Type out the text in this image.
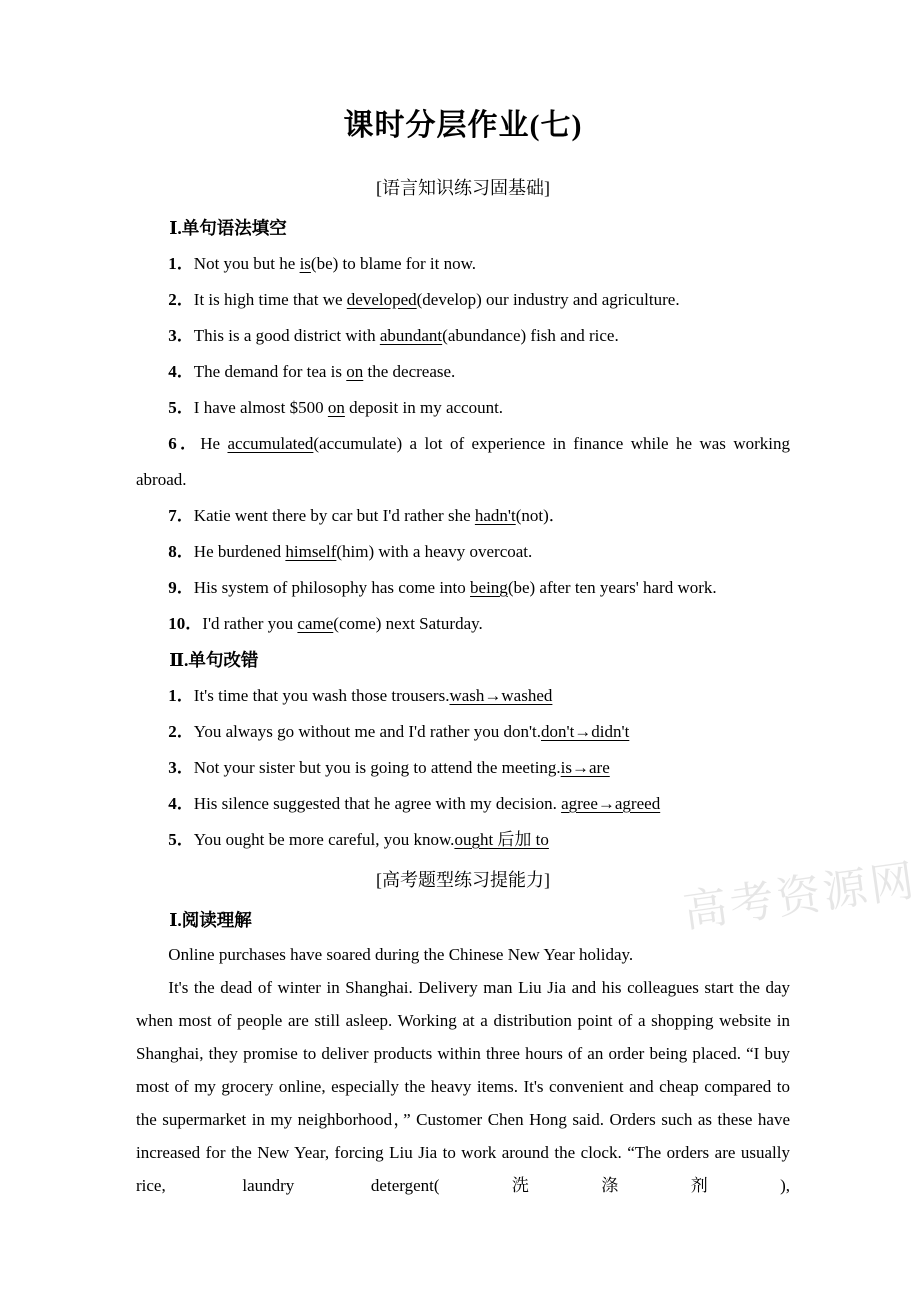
课时分层作业(七)
[语言知识练习固基础]

Ⅰ.单句语法填空

1．Not you but he is(be) to blame for it now.

2．It is high time that we developed(develop) our industry and agriculture.

3．This is a good district with abundant(abundance) fish and rice.

4．The demand for tea is on the decrease.

5．I have almost $500 on deposit in my account.

6．He accumulated(accumulate) a lot of experience in finance while he was working abroad.

7．Katie went there by car but I'd rather she hadn't(not)．

8．He burdened himself(him) with a heavy overcoat.

9．His system of philosophy has come into being(be) after ten years' hard work.

10．I'd rather you came(come) next Saturday.

Ⅱ.单句改错

1．It's time that you wash those trousers.wash→washed

2．You always go without me and I'd rather you don't.don't→didn't

3．Not your sister but you is going to attend the meeting.is→are

4．His silence suggested that he agree with my decision. agree→agreed

5．You ought be more careful, you know.ought 后加 to

[高考题型练习提能力]

Ⅰ.阅读理解

Online purchases have soared during the Chinese New Year holiday.

It's the dead of winter in Shanghai. Delivery man Liu Jia and his colleagues start the day when most of people are still asleep. Working at a distribution point of a shopping website in Shanghai, they promise to deliver products within three hours of an order being placed. “I buy most of my grocery online, especially the heavy items. It's convenient and cheap compared to the supermarket in my neighborhood，” Customer Chen Hong said. Orders such as these have increased for the New Year, forcing Liu Jia to work around the clock. “The orders are usually rice, laundry detergent(洗涤剂),

高考资源网
